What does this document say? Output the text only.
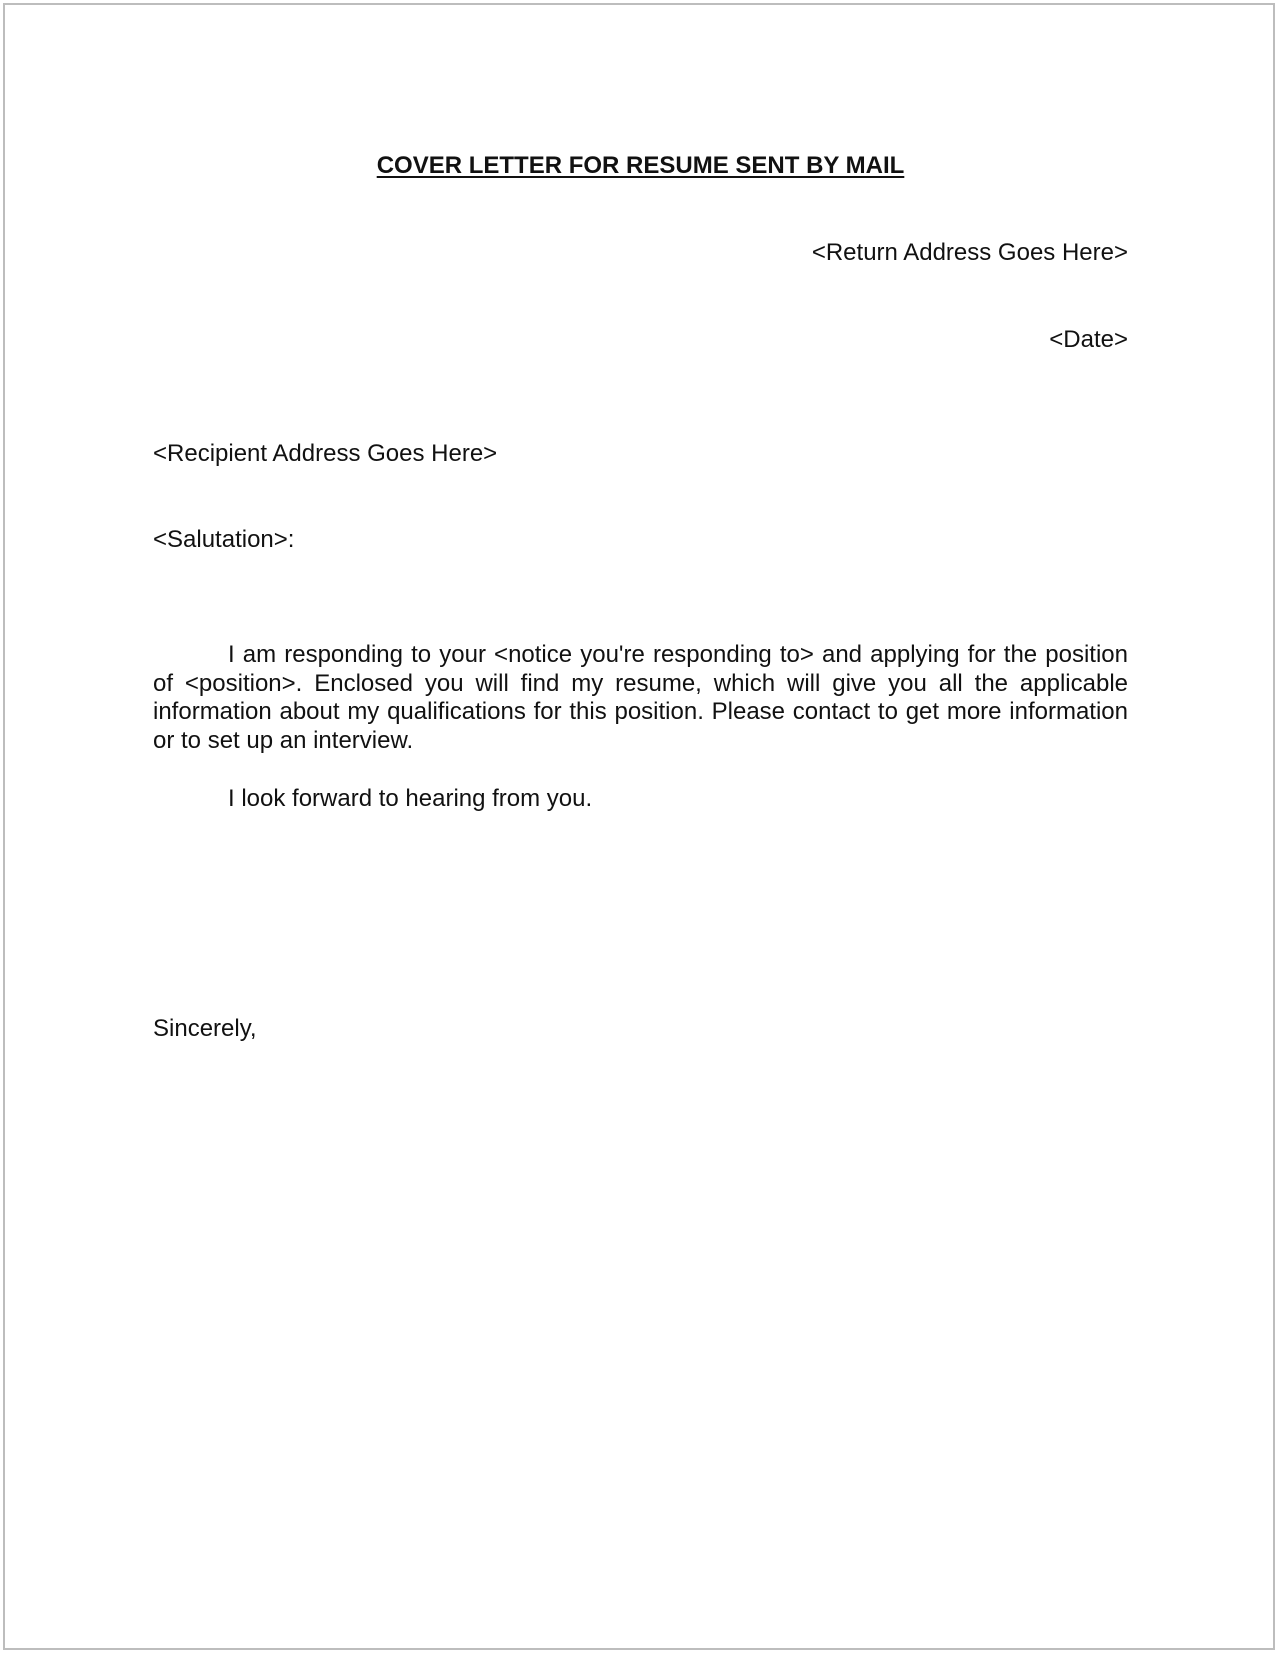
COVER LETTER FOR RESUME SENT BY MAIL
<Return Address Goes Here>
<Date>
<Recipient Address Goes Here>
<Salutation>:

I am responding to your <notice you're responding to> and applying for the position of <position>. Enclosed you will find my resume, which will give you all the applicable information about my qualifications for this position. Please contact to get more information or to set up an interview.

I look forward to hearing from you.

Sincerely,
